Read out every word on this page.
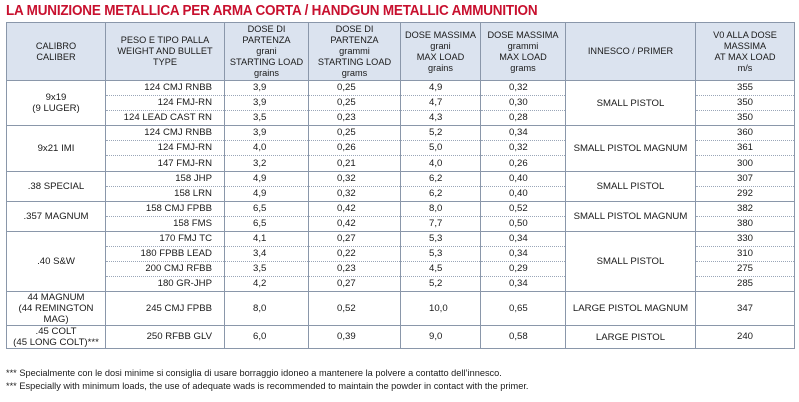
LA MUNIZIONE METALLICA PER ARMA CORTA / HANDGUN METALLIC AMMUNITION
CALIBRO
CALIBER	PESO E TIPO PALLA
WEIGHT AND BULLET TYPE	DOSE DI PARTENZA
grani
STARTING LOAD
grains	DOSE DI PARTENZA
grammi
STARTING LOAD
grams	DOSE MASSIMA
grani
MAX LOAD
grains	DOSE MASSIMA
grammi
MAX LOAD
grams	INNESCO / PRIMER	V0 ALLA DOSE MASSIMA
AT MAX LOAD
m/s
9x19
(9 LUGER)	124 CMJ RNBB	3,9	0,25	4,9	0,32	SMALL PISTOL	355
	124 FMJ-RN	3,9	0,25	4,7	0,30		350
	124 LEAD CAST RN	3,5	0,23	4,3	0,28		350
9x21 IMI	124 CMJ RNBB	3,9	0,25	5,2	0,34	SMALL PISTOL MAGNUM	360
	124 FMJ-RN	4,0	0,26	5,0	0,32		361
	147 FMJ-RN	3,2	0,21	4,0	0,26		300
.38 SPECIAL	158 JHP	4,9	0,32	6,2	0,40	SMALL PISTOL	307
	158 LRN	4,9	0,32	6,2	0,40		292
.357 MAGNUM	158 CMJ FPBB	6,5	0,42	8,0	0,52	SMALL PISTOL MAGNUM	382
	158 FMS	6,5	0,42	7,7	0,50		380
.40 S&W	170 FMJ TC	4,1	0,27	5,3	0,34	SMALL PISTOL	330
	180 FPBB LEAD	3,4	0,22	5,3	0,34		310
	200 CMJ RFBB	3,5	0,23	4,5	0,29		275
	180 GR-JHP	4,2	0,27	5,2	0,34		285
44 MAGNUM
(44 REMINGTON MAG)	245 CMJ FPBB	8,0	0,52	10,0	0,65	LARGE PISTOL MAGNUM	347
.45 COLT
(45 LONG COLT)***	250 RFBB GLV	6,0	0,39	9,0	0,58	LARGE PISTOL	240
*** Specialmente con le dosi minime si consiglia di usare borraggio idoneo a mantenere la polvere a contatto dell’innesco.
*** Especially with minimum loads, the use of adequate wads is recommended to maintain the powder in contact with the primer.
